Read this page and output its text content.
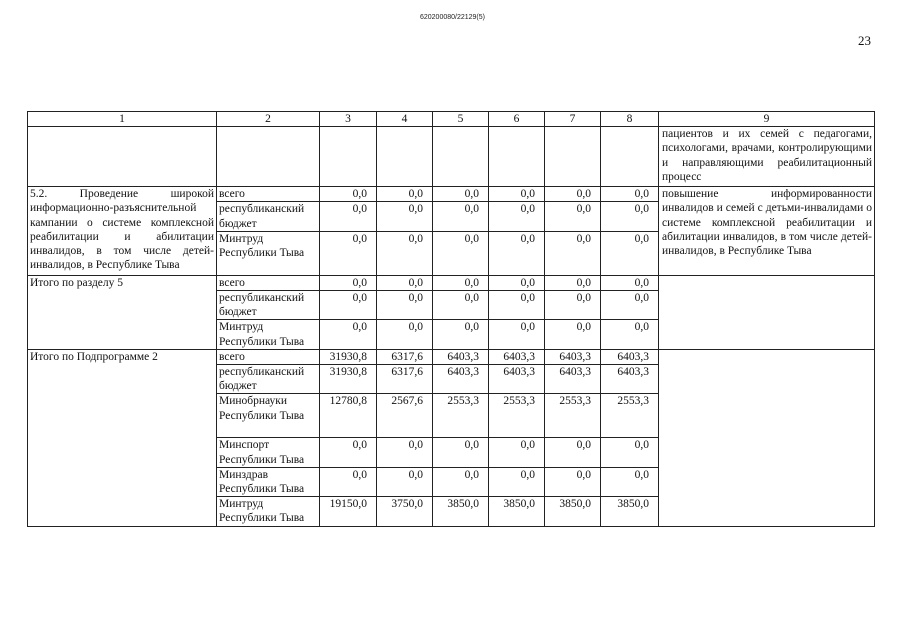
620200080/22129(5)
23
1	2	3	4	5	6	7	8	9
								пациентов и их семей с педагогами, психологами, врачами, контролирующими и направляющими реабилитационный процесс
5.2. Проведение широкой информационно-разъяснительной кампании о системе комплексной реабилитации и абилитации инвалидов, в том числе детей-инвалидов, в Республике Тыва	всего	0,0	0,0	0,0	0,0	0,0	0,0	повышение информированности инвалидов и семей с детьми-инвалидами о системе комплексной реабилитации и абилитации инвалидов, в том числе детей-инвалидов, в Республике Тыва
	республиканский бюджет	0,0	0,0	0,0	0,0	0,0	0,0	
	Минтруд Республики Тыва	0,0	0,0	0,0	0,0	0,0	0,0	
Итого по разделу 5	всего	0,0	0,0	0,0	0,0	0,0	0,0	
	республиканский бюджет	0,0	0,0	0,0	0,0	0,0	0,0	
	Минтруд Республики Тыва	0,0	0,0	0,0	0,0	0,0	0,0	
Итого по Подпрограмме 2	всего	31930,8	6317,6	6403,3	6403,3	6403,3	6403,3	
	республиканский бюджет	31930,8	6317,6	6403,3	6403,3	6403,3	6403,3	
	Минобрнауки Республики Тыва	12780,8	2567,6	2553,3	2553,3	2553,3	2553,3	
	Минспорт Республики Тыва	0,0	0,0	0,0	0,0	0,0	0,0	
	Минздрав Республики Тыва	0,0	0,0	0,0	0,0	0,0	0,0	
	Минтруд Республики Тыва	19150,0	3750,0	3850,0	3850,0	3850,0	3850,0	
